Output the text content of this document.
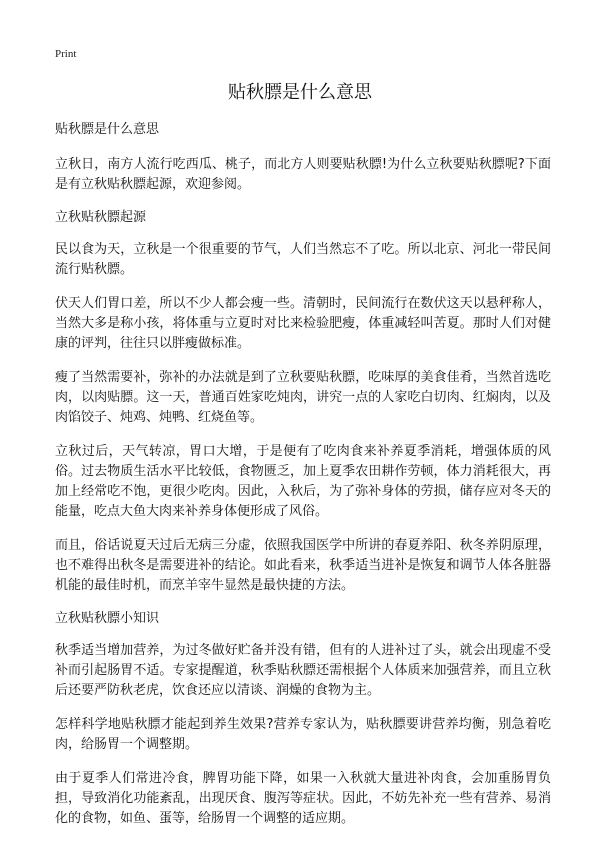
Print
贴秋膘是什么意思
贴秋膘是什么意思
立秋日，南方人流行吃西瓜、桃子，而北方人则要贴秋膘!为什么立秋要贴秋膘呢?下面是有立秋贴秋膘起源，欢迎参阅。
立秋贴秋膘起源
民以食为天，立秋是一个很重要的节气，人们当然忘不了吃。所以北京、河北一带民间流行贴秋膘。
伏天人们胃口差，所以不少人都会瘦一些。清朝时，民间流行在数伏这天以悬秤称人，当然大多是称小孩，将体重与立夏时对比来检验肥瘦，体重减轻叫苦夏。那时人们对健康的评判，往往只以胖瘦做标准。
瘦了当然需要补，弥补的办法就是到了立秋要贴秋膘，吃味厚的美食佳肴，当然首选吃肉，以肉贴膘。这一天，普通百姓家吃炖肉，讲究一点的人家吃白切肉、红焖肉，以及肉馅饺子、炖鸡、炖鸭、红烧鱼等。
立秋过后，天气转凉，胃口大增，于是便有了吃肉食来补养夏季消耗，增强体质的风俗。过去物质生活水平比较低，食物匮乏，加上夏季农田耕作劳顿，体力消耗很大，再加上经常吃不饱，更很少吃肉。因此，入秋后，为了弥补身体的劳损，储存应对冬天的能量，吃点大鱼大肉来补养身体便形成了风俗。
而且，俗话说夏天过后无病三分虚，依照我国医学中所讲的春夏养阳、秋冬养阴原理，也不难得出秋冬是需要进补的结论。如此看来，秋季适当进补是恢复和调节人体各脏器机能的最佳时机，而烹羊宰牛显然是最快捷的方法。
立秋贴秋膘小知识
秋季适当增加营养，为过冬做好贮备并没有错，但有的人进补过了头，就会出现虚不受补而引起肠胃不适。专家提醒道，秋季贴秋膘还需根据个人体质来加强营养，而且立秋后还要严防秋老虎，饮食还应以清谈、润燥的食物为主。
怎样科学地贴秋膘才能起到养生效果?营养专家认为，贴秋膘要讲营养均衡，别急着吃肉，给肠胃一个调整期。
由于夏季人们常进冷食，脾胃功能下降，如果一入秋就大量进补肉食，会加重肠胃负担，导致消化功能紊乱，出现厌食、腹泻等症状。因此，不妨先补充一些有营养、易消化的食物，如鱼、蛋等，给肠胃一个调整的适应期。
